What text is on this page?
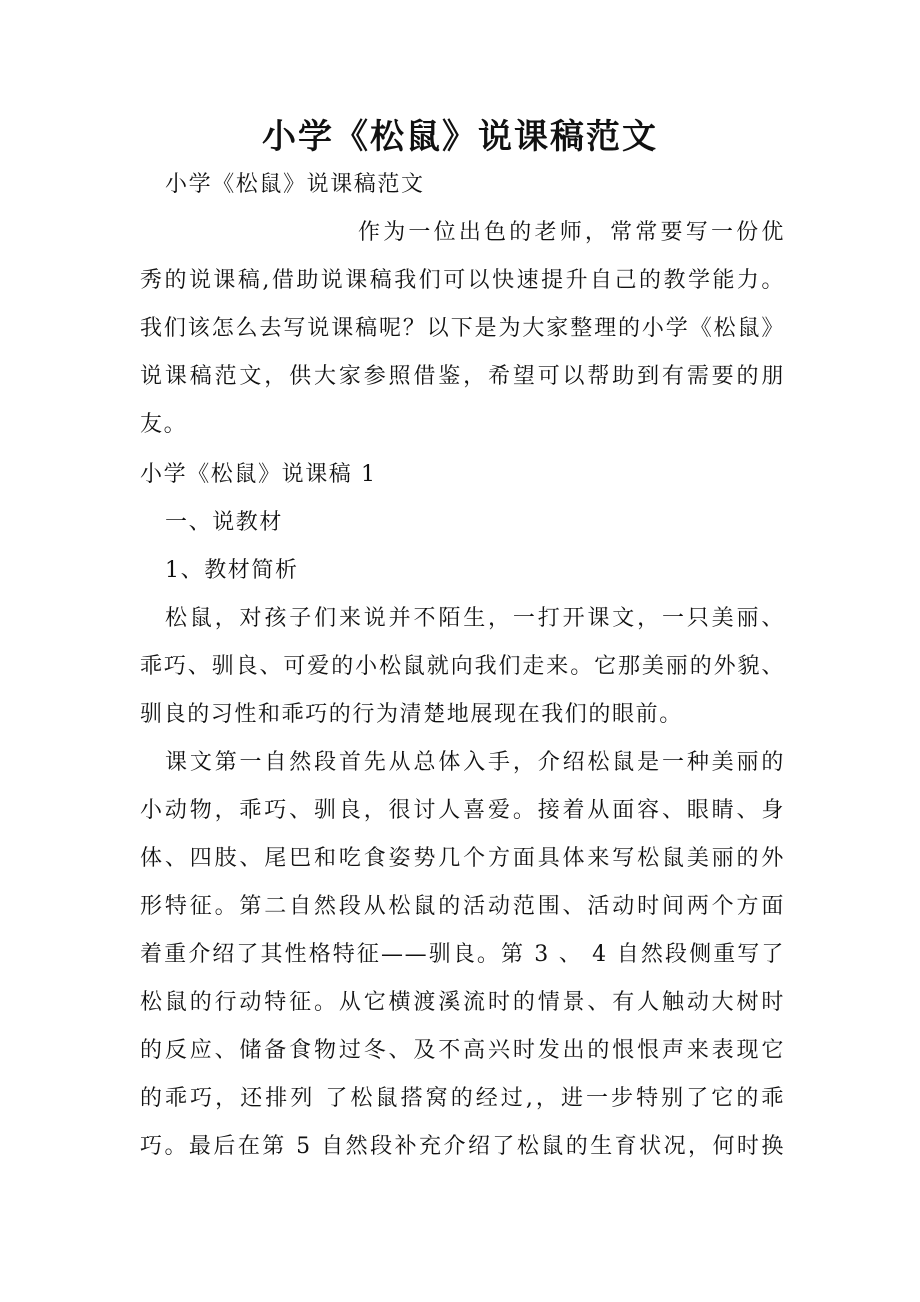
小学《松鼠》说课稿范文
小学《松鼠》说课稿范文
作为一位出色的老师，常常要写一份优
秀的说课稿,借助说课稿我们可以快速提升自己的教学能力。
我们该怎么去写说课稿呢？以下是为大家整理的小学《松鼠》
说课稿范文，供大家参照借鉴，希望可以帮助到有需要的朋
友。
小学《松鼠》说课稿 1
一、说教材
1、教材简析
松鼠，对孩子们来说并不陌生，一打开课文，一只美丽、
乖巧、驯良、可爱的小松鼠就向我们走来。它那美丽的外貌、
驯良的习性和乖巧的行为清楚地展现在我们的眼前。
课文第一自然段首先从总体入手，介绍松鼠是一种美丽的
小动物，乖巧、驯良，很讨人喜爱。接着从面容、眼睛、身
体、四肢、尾巴和吃食姿势几个方面具体来写松鼠美丽的外
形特征。第二自然段从松鼠的活动范围、活动时间两个方面
着重介绍了其性格特征——驯良。第 3 、 4 自然段侧重写了
松鼠的行动特征。从它横渡溪流时的情景、有人触动大树时
的反应、储备食物过冬、及不高兴时发出的恨恨声来表现它
的乖巧，还排列 了松鼠搭窝的经过,，进一步特别了它的乖
巧。最后在第 5 自然段补充介绍了松鼠的生育状况，何时换
